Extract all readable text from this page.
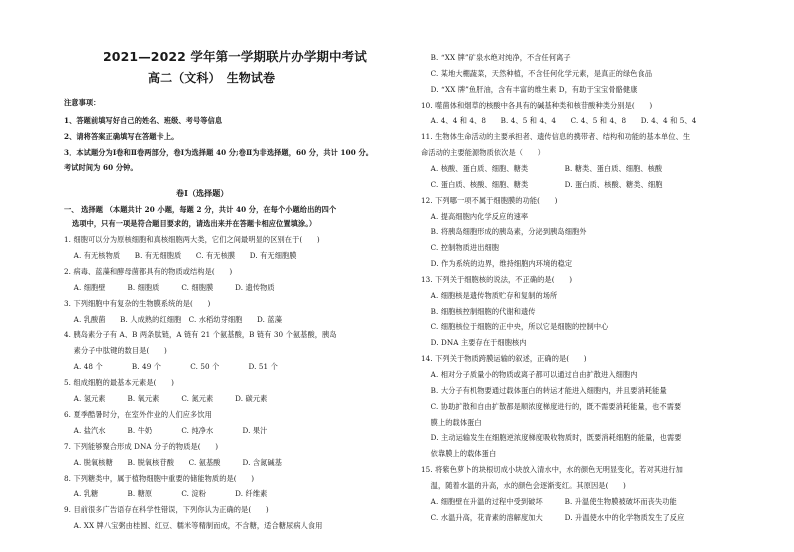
2021—2022 学年第一学期联片办学期中考试
高二（文科）　生物试卷
注意事项：
1、答题前填写好自己的姓名、班级、考号等信息
2、请将答案正确填写在答题卡上。
3．本试题分为Ⅰ卷和Ⅱ卷两部分，卷Ⅰ为选择题 40 分;卷Ⅱ为非选择题，60 分，共计 100 分。
考试时间为 60 分钟。
卷Ⅰ（选择题）
一、 选择题 （本题共计 20 小题，每题 2 分，共计 40 分，在每个小题给出的四个
选项中，只有一项是符合题目要求的，请选出来并在答题卡相应位置填涂。）
1. 细胞可以分为原核细胞和真核细胞两大类，它们之间最明显的区别在于(　　)
　 A. 有无核物质　　B. 有无细胞质　　C. 有无核膜　　D. 有无细胞膜
2. 病毒、蓝藻和酵母菌都具有的物质或结构是(　　)
　 A. 细胞壁　　　B. 细胞质　　　C. 细胞膜　　　D. 遗传物质
3. 下列细胞中有复杂的生物膜系统的是(　　)
　 A. 乳酸菌　　B. 人成熟的红细胞　C. 水稻幼芽细胞　　D. 蓝藻
4. 胰岛素分子有 A、B 两条肽链，A 链有 21 个氨基酸，B 链有 30 个氨基酸，胰岛
　 素分子中肽键的数目是(　　)
　 A. 48 个　　　　B. 49 个　　　　C. 50 个　　　　D. 51 个
5. 组成细胞的最基本元素是(　　)
　 A. 氢元素　　　B. 氧元素　　　C. 氮元素　　　D. 碳元素
6. 夏季酷暑时分，在室外作业的人们应多饮用
　 A. 盐汽水　　　B. 牛奶　　　　C. 纯净水　　　　D. 果汁
7. 下列能够聚合形成 DNA 分子的物质是(　　)
　 A. 脱氧核糖　　B. 脱氧核苷酸　　C. 氨基酸　　　D. 含氮碱基
8. 下列糖类中，属于植物细胞中重要的储能物质的是(　　)
　 A. 乳糖　　　　B. 糖原　　　　C. 淀粉　　　　D. 纤维素
9. 目前很多广告语存在科学性错误，下列你认为正确的是(　　)
　 A. XX 牌八宝粥由桂圆、红豆、糯米等精制而成，不含糖，适合糖尿病人食用
　 B. “XX 牌”矿泉水绝对纯净，不含任何离子
　 C. 某地大棚蔬菜，天然种植，不含任何化学元素，是真正的绿色食品
　 D. “XX 牌”鱼肝油，含有丰富的维生素 D，有助于宝宝骨骼健康
10. 噬菌体和烟草的核酸中各具有的碱基种类和核苷酸种类分别是(　　)
　 A. 4、4 和 4、8　　B. 4、5 和 4、4　　C. 4、5 和 4、8　　D. 4、4 和 5、4
11. 生物体生命活动的主要承担者、遗传信息的携带者、结构和功能的基本单位、生
命活动的主要能源物质依次是（　　）
　 A. 核酸、蛋白质、细胞、糖类　　　　　B. 糖类、蛋白质、细胞、核酸
　 C. 蛋白质、核酸、细胞、糖类　　　　　D. 蛋白质、核酸、糖类、细胞
12. 下列哪一项不属于细胞膜的功能(　　)
　 A. 提高细胞内化学反应的速率
　 B. 将胰岛细胞形成的胰岛素，分泌到胰岛细胞外
　 C. 控制物质进出细胞
　 D. 作为系统的边界，维持细胞内环境的稳定
13. 下列关于细胞核的说法，不正确的是(　　)
　 A. 细胞核是遗传物质贮存和复制的场所
　 B. 细胞核控制细胞的代谢和遗传
　 C. 细胞核位于细胞的正中央，所以它是细胞的控制中心
　 D. DNA 主要存在于细胞核内
14. 下列关于物质跨膜运输的叙述，正确的是(　　)
　 A. 相对分子质量小的物质或离子都可以通过自由扩散进入细胞内
　 B. 大分子有机物要通过载体蛋白的转运才能进入细胞内，并且要消耗能量
　 C. 协助扩散和自由扩散都是顺浓度梯度进行的，既不需要消耗能量，也不需要
　 膜上的载体蛋白
　 D. 主动运输发生在细胞逆浓度梯度吸收物质时，既要消耗细胞的能量，也需要
　 依靠膜上的载体蛋白
15. 将紫色萝卜的块根切成小块放入清水中，水的颜色无明显变化，若对其进行加
　 温，随着水温的升高，水的颜色会逐渐变红。其原因是(　　)
　 A. 细胞壁在升温的过程中受到破坏　　　B. 升温使生物膜被破坏而丧失功能
　 C. 水温升高，花青素的溶解度加大　　　D. 升温使水中的化学物质发生了反应
